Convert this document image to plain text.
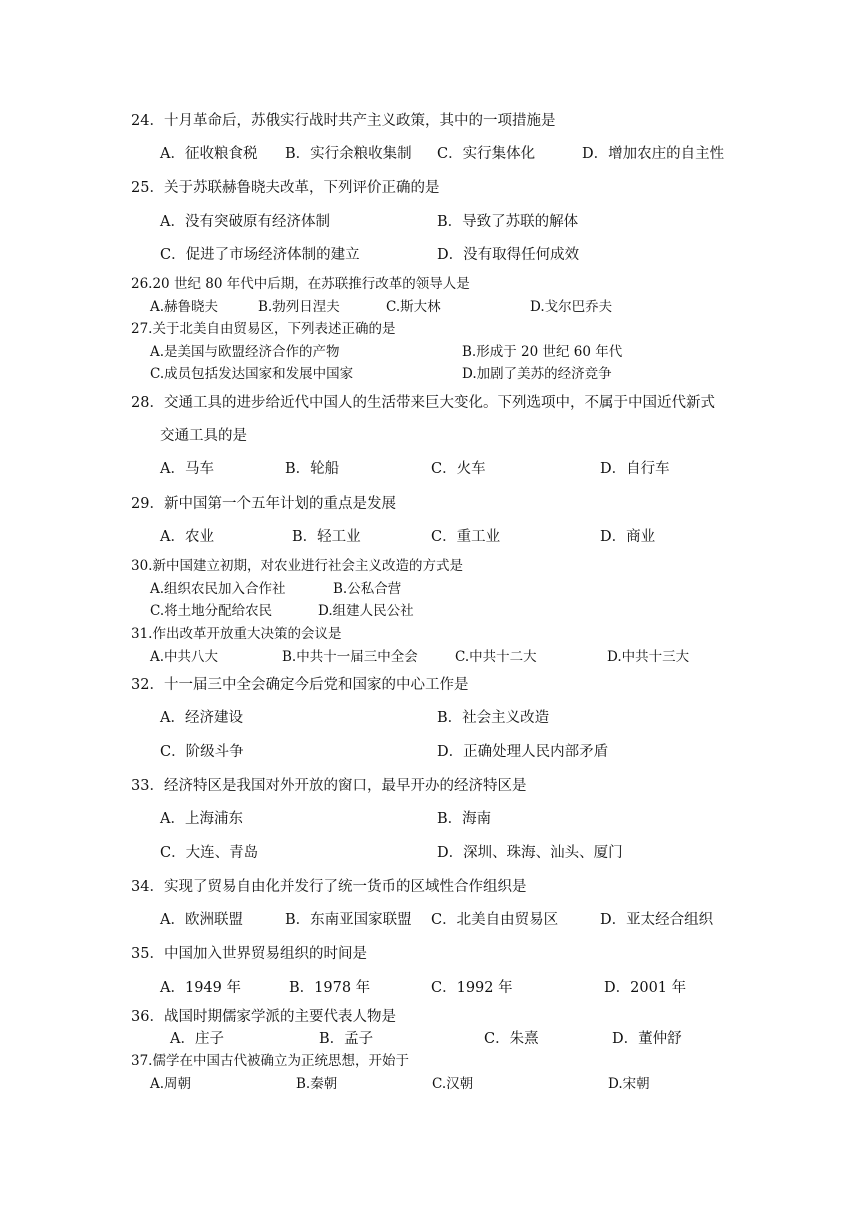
24．十月革命后，苏俄实行战时共产主义政策，其中的一项措施是
A．征收粮食税 B．实行余粮收集制 C．实行集体化	D．增加农庄的自主性
25．关于苏联赫鲁晓夫改革，下列评价正确的是
A．没有突破原有经济体制	B．导致了苏联的解体
C．促进了市场经济体制的建立	D．没有取得任何成效
26.20 世纪 80 年代中后期，在苏联推行改革的领导人是
A.赫鲁晓夫	B.勃列日涅夫	C.斯大林	D.戈尔巴乔夫
27.关于北美自由贸易区，下列表述正确的是
A.是美国与欧盟经济合作的产物	B.形成于 20 世纪 60 年代
C.成员包括发达国家和发展中国家	D.加剧了美苏的经济竞争
28．交通工具的进步给近代中国人的生活带来巨大变化。下列选项中，不属于中国近代新式
交通工具的是
A．马车	B．轮船	C．火车	D．自行车
29．新中国第一个五年计划的重点是发展
A．农业	B．轻工业	C．重工业	D．商业
30.新中国建立初期，对农业进行社会主义改造的方式是
A.组织农民加入合作社	B.公私合营
C.将土地分配给农民	D.组建人民公社
31.作出改革开放重大决策的会议是
A.中共八大	B.中共十一届三中全会	C.中共十二大	D.中共十三大
32．十一届三中全会确定今后党和国家的中心工作是
A．经济建设	B．社会主义改造
C．阶级斗争	D．正确处理人民内部矛盾
33．经济特区是我国对外开放的窗口，最早开办的经济特区是
A．上海浦东	B．海南
C．大连、青岛	D．深圳、珠海、汕头、厦门
34．实现了贸易自由化并发行了统一货币的区域性合作组织是
A．欧洲联盟	B．东南亚国家联盟 C．北美自由贸易区	D．亚太经合组织
35．中国加入世界贸易组织的时间是
A．1949 年	B．1978 年	C．1992 年	D．2001 年
36．战国时期儒家学派的主要代表人物是
A．庄子	B．孟子	C．朱熹	D．董仲舒
37.儒学在中国古代被确立为正统思想，开始于
A.周朝	B.秦朝	C.汉朝	D.宋朝
